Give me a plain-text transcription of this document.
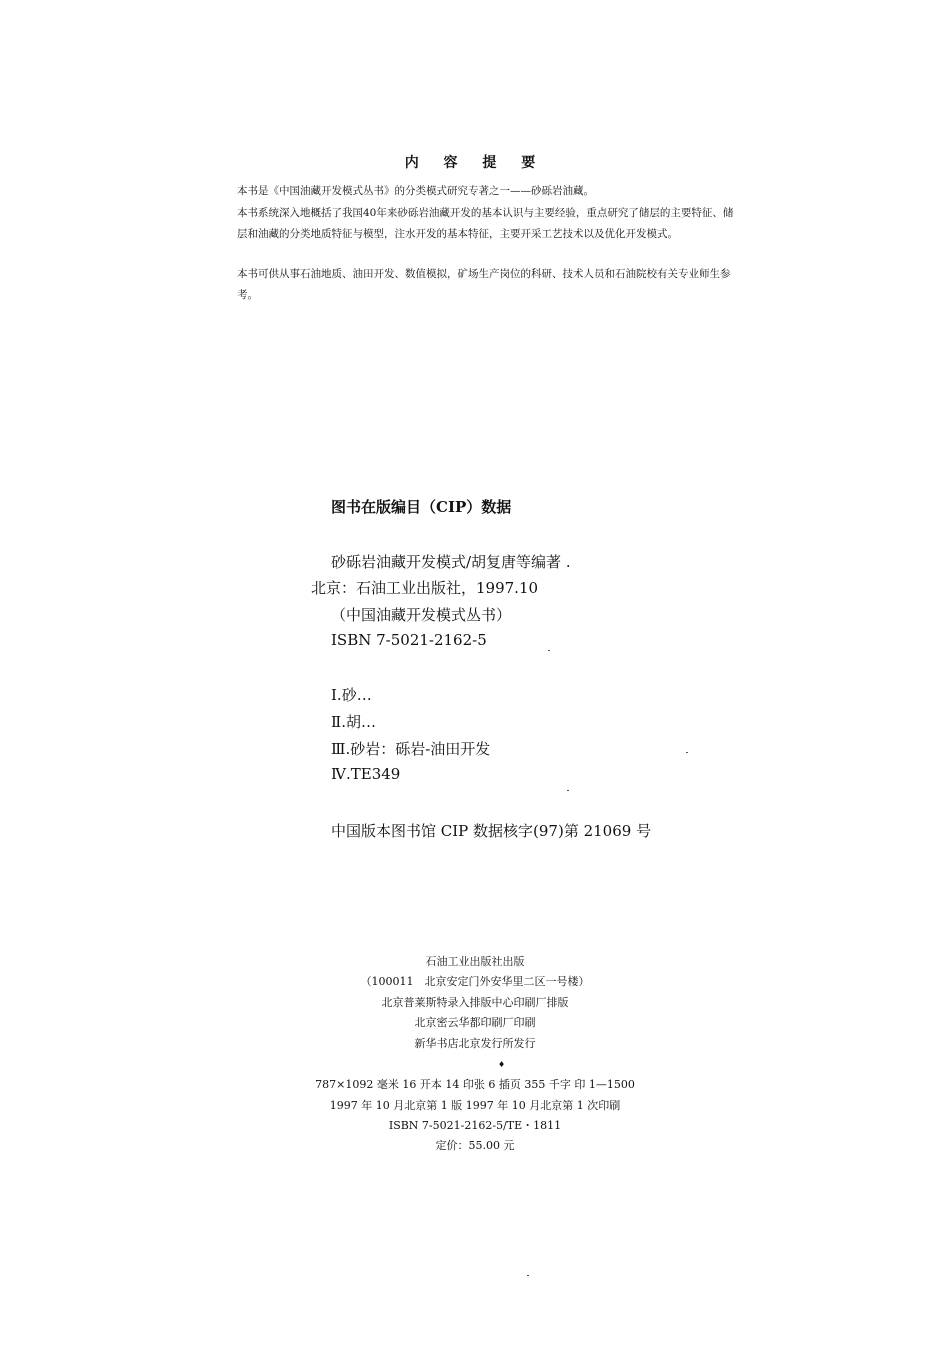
内 容 提 要
本书是《中国油藏开发模式丛书》的分类模式研究专著之一——砂砾岩油藏。
本书系统深入地概括了我国40年来砂砾岩油藏开发的基本认识与主要经验，重点研究了储层的主要特征、储层和油藏的分类地质特征与模型，注水开发的基本特征，主要开采工艺技术以及优化开发模式。
本书可供从事石油地质、油田开发、数值模拟，矿场生产岗位的科研、技术人员和石油院校有关专业师生参考。
图书在版编目（CIP）数据
砂砾岩油藏开发模式/胡复唐等编著 .
北京：石油工业出版社，1997.10
（中国油藏开发模式丛书）
ISBN 7-5021-2162-5
Ⅰ.砂…
Ⅱ.胡…
Ⅲ.砂岩：砾岩-油田开发
Ⅳ.TE349
中国版本图书馆 CIP 数据核字(97)第 21069 号
石油工业出版社出版
（100011　北京安定门外安华里二区一号楼）
北京普莱斯特录入排版中心印刷厂排版
北京密云华都印刷厂印刷
新华书店北京发行所发行
♦
787×1092 毫米 16 开本 14 印张 6 插页 355 千字 印 1—1500
1997 年 10 月北京第 1 版 1997 年 10 月北京第 1 次印刷
ISBN 7-5021-2162-5/TE・1811
定价：55.00 元
